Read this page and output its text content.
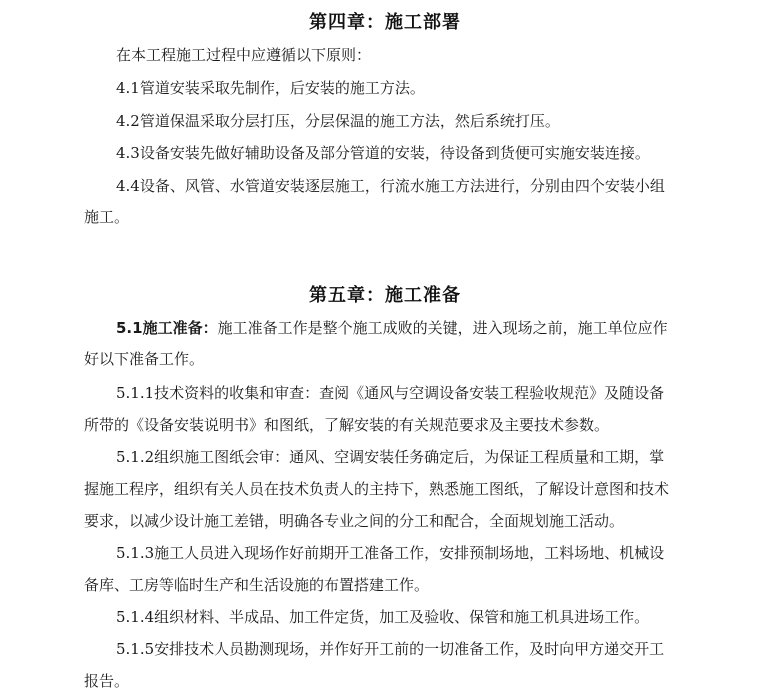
第四章：施工部署
在本工程施工过程中应遵循以下原则：
4.1管道安装采取先制作，后安装的施工方法。
4.2管道保温采取分层打压，分层保温的施工方法，然后系统打压。
4.3设备安装先做好辅助设备及部分管道的安装，待设备到货便可实施安装连接。
4.4设备、风管、水管道安装逐层施工，行流水施工方法进行，分别由四个安装小组
施工。
第五章：施工准备
5.1施工准备：施工准备工作是整个施工成败的关键，进入现场之前，施工单位应作
好以下准备工作。
5.1.1技术资料的收集和审查：查阅《通风与空调设备安装工程验收规范》及随设备
所带的《设备安装说明书》和图纸，了解安装的有关规范要求及主要技术参数。
5.1.2组织施工图纸会审：通风、空调安装任务确定后，为保证工程质量和工期，掌
握施工程序，组织有关人员在技术负责人的主持下，熟悉施工图纸，了解设计意图和技术
要求，以减少设计施工差错，明确各专业之间的分工和配合，全面规划施工活动。
5.1.3施工人员进入现场作好前期开工准备工作，安排预制场地，工料场地、机械设
备库、工房等临时生产和生活设施的布置搭建工作。
5.1.4组织材料、半成品、加工件定货，加工及验收、保管和施工机具进场工作。
5.1.5安排技术人员勘测现场，并作好开工前的一切准备工作，及时向甲方递交开工
报告。
